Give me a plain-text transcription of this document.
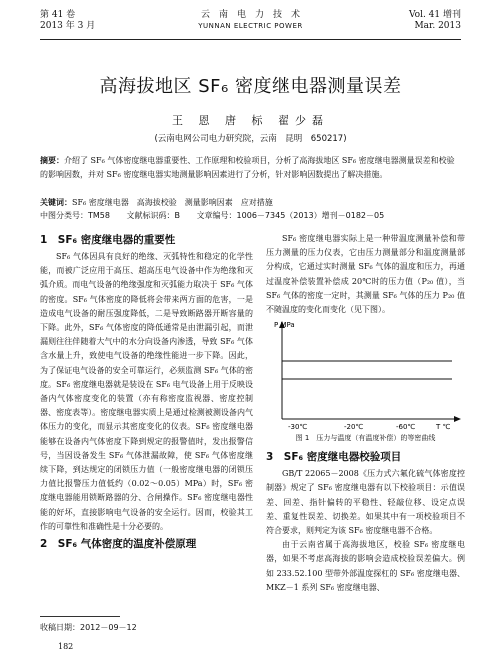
第 41 卷
2013 年 3 月
云　南　电　力　技　术
YUNNAN ELECTRIC POWER
Vol. 41 增刊
Mar. 2013
高海拔地区 SF₆ 密度继电器测量误差
王 恩 唐 标 翟少磊
(云南电网公司电力研究院，云南　昆明　650217)
摘要：介绍了 SF₆ 气体密度继电器重要性、工作原理和校验项目，分析了高海拔地区 SF₆ 密度继电器测量误差和校验的影响因数，并对 SF₆ 密度继电器实地测量影响因素进行了分析，针对影响因数提出了解决措施。
关键词：SF₆ 密度继电器　高海拔校验　测量影响因素　应对措施
中图分类号：TM58 文献标识码：B 文章编号：1006－7345（2013）增刊－0182－05
1　SF₆ 密度继电器的重要性

SF₆ 气体因具有良好的绝缘、灭弧特性和稳定的化学性能，而被广泛应用于高压、超高压电气设备中作为绝缘和灭弧介质。而电气设备的绝缘强度和灭弧能力取决于 SF₆ 气体的密度。SF₆ 气体密度的降低将会带来两方面的危害，一是造成电气设备的耐压强度降低，二是导致断路器开断容量的下降。此外，SF₆ 气体密度的降低通常是由泄漏引起，而泄漏则往往伴随着大气中的水分向设备内渗透，导致 SF₆ 气体含水量上升，致使电气设备的绝缘性能进一步下降。因此，为了保证电气设备的安全可靠运行，必须监测 SF₆ 气体的密度。SF₆ 密度继电器就是装设在 SF₆ 电气设备上用于反映设备内气体密度变化的装置（亦有称密度监视器、密度控制器、密度表等）。密度继电器实质上是通过检测被测设备内气体压力的变化，而显示其密度变化的仪表。SF₆ 密度继电器能够在设备内气体密度下降到规定的报警值时，发出报警信号，当因设备发生 SF₆ 气体泄漏故障，使 SF₆ 气体密度继续下降，到达规定的闭锁压力值（一般密度继电器的闭锁压力值比报警压力值低约（0.02～0.05）MPa）时，SF₆ 密度继电器能用锁断路器的分、合闸操作。SF₆ 密度继电器性能的好坏，直接影响电气设备的安全运行。因而，校验其工作的可靠性和准确性是十分必要的。

2　SF₆ 气体密度的温度补偿原理

SF₆ 密度继电器实际上是一种带温度测量补偿和带压力测量的压力仪表，它由压力测量部分和温度测量部分构成，它通过实时测量 SF₆ 气体的温度和压力，再通过温度补偿装置补偿成 20℃时的压力值（P₂₀ 值），当 SF₆ 气体的密度一定时，其测量 SF₆ 气体的压力 P₂₀ 值不随温度的变化而变化（见下图）。

P MPa
-30℃	-20℃	-60℃	T ℃
图 1　压力与温度（有温度补偿）的等密曲线
3　SF₆ 密度继电器校验项目

GB/T 22065－2008《压力式六氟化硫气体密度控制器》规定了 SF₆ 密度继电器有以下校验项目：示值误差、回差、指针偏转的平稳性、轻敲位移、设定点误差、重复性误差、切换差。如果其中有一项校验项目不符合要求，则判定为该 SF₆ 密度继电器不合格。

由于云南省属于高海拔地区，校验 SF₆ 密度继电器，如果不考虑高海拔的影响会造成校验误差偏大。例如 233.52.100 型带外部温度探杠的 SF₆ 密度继电器、MKZ－1 系列 SF₆ 密度继电器、

收稿日期：2012－09－12
182
